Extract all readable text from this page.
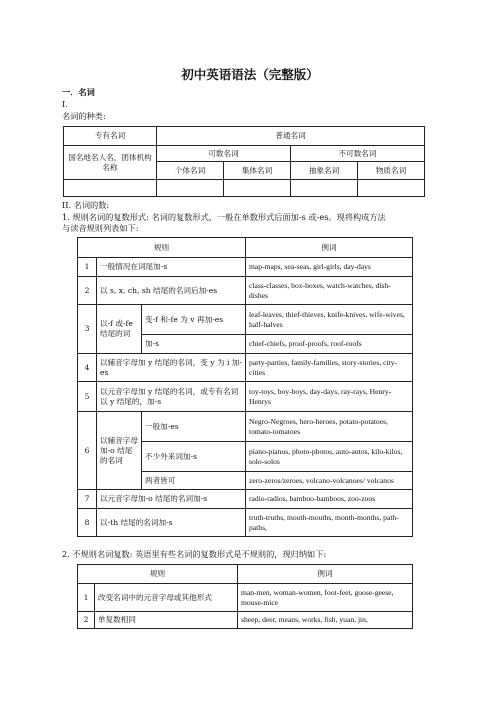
初中英语语法（完整版）
一．名词
I.
名词的种类:
专有名词	普通名词			
国名地名人名，团体机构名称	可数名词		不可数名词	
	个体名词	集体名词	抽象名词	物质名词

II. 名词的数:
1. 规则名词的复数形式: 名词的复数形式，一般在单数形式后面加-s 或-es。现将构成方法
与读音规则列表如下:
规则			例词
1	一般情况在词尾加-s		map-maps, sea-seas, girl-girls, day-days
2	以 s, x, ch, sh 结尾的名词后加-es		class-classes, box-boxes, watch-watches, dish-dishes
3	以-f 或-fe 结尾的词	变-f 和-fe 为 v 再加-es	leaf-leaves, thief-thieves, knife-knives, wife-wives, half-halves
		加-s	chief-chiefs, proof-proofs, roof-roofs
4	以辅音字母加 y 结尾的名词，变 y 为 i 加-es		party-parties, family-families, story-stories, city-cities
5	以元音字母加 y 结尾的名词，或专有名词以 y 结尾的，加-s		toy-toys, boy-boys, day-days, ray-rays, Henry-Henrys
6	以辅音字母加-o 结尾的名词	一般加-es	Negro-Negroes, hero-heroes, potato-potatoes, tomato-tomatoes
		不少外来词加-s	piano-pianos, photo-photos, auto-autos, kilo-kilos, solo-solos
		两者皆可	zero-zeros/zeroes, volcano-volcanoes/ volcanos
7	以元音字母加-o 结尾的名词加-s		radio-radios, bamboo-bamboos, zoo-zoos
8	以-th 结尾的名词加-s		truth-truths, mouth-mouths, month-months, path-paths,
2. 不规则名词复数: 英语里有些名词的复数形式是不规则的，现归纳如下:
规则		例词
1	改变名词中的元音字母或其他形式	man-men, woman-women, foot-feet, goose-geese, mouse-mice
2	单复数相同	sheep, deer, means, works, fish, yuan, jin,
